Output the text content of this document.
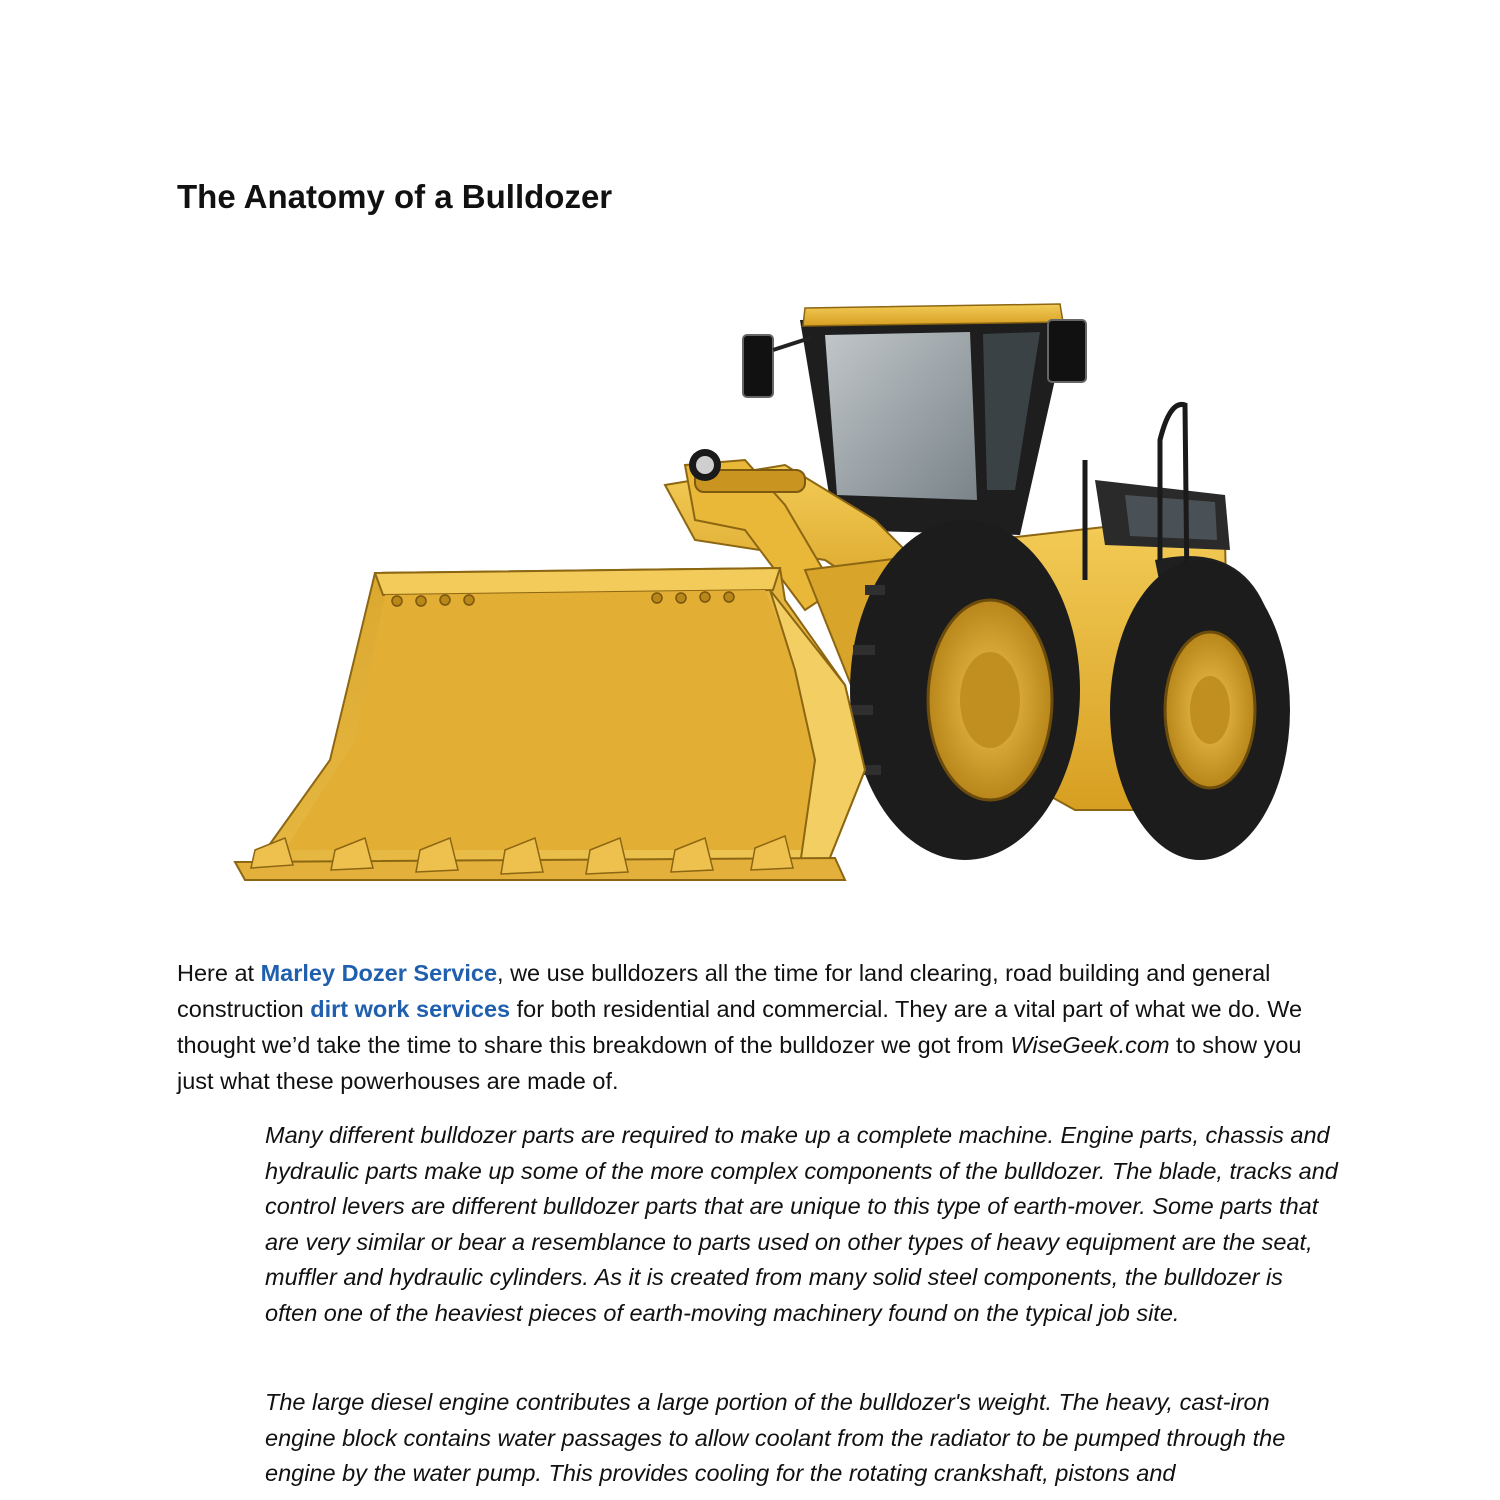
The Anatomy of a Bulldozer

Here at Marley Dozer Service, we use bulldozers all the time for land clearing, road building and general construction dirt work services for both residential and commercial. They are a vital part of what we do. We thought we’d take the time to share this breakdown of the bulldozer we got from WiseGeek.com to show you just what these powerhouses are made of.

Many different bulldozer parts are required to make up a complete machine. Engine parts, chassis and hydraulic parts make up some of the more complex components of the bulldozer. The blade, tracks and control levers are different bulldozer parts that are unique to this type of earth-mover. Some parts that are very similar or bear a resemblance to parts used on other types of heavy equipment are the seat, muffler and hydraulic cylinders. As it is created from many solid steel components, the bulldozer is often one of the heaviest pieces of earth-moving machinery found on the typical job site.

The large diesel engine contributes a large portion of the bulldozer's weight. The heavy, cast-iron engine block contains water passages to allow coolant from the radiator to be pumped through the engine by the water pump. This provides cooling for the rotating crankshaft, pistons and
